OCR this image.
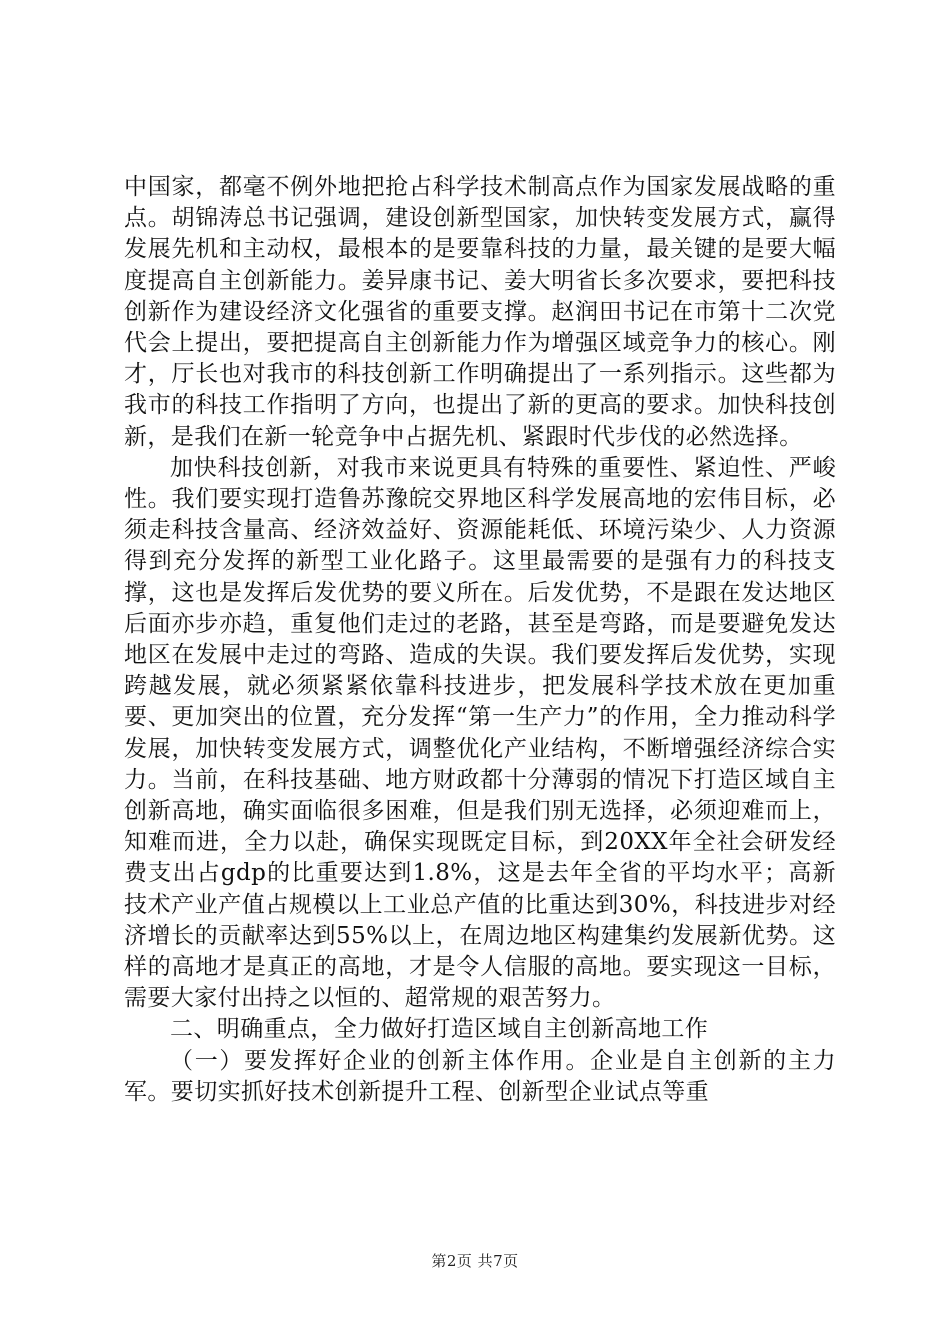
中国家，都毫不例外地把抢占科学技术制高点作为国家发展战略的重点。胡锦涛总书记强调，建设创新型国家，加快转变发展方式，赢得发展先机和主动权，最根本的是要靠科技的力量，最关键的是要大幅度提高自主创新能力。姜异康书记、姜大明省长多次要求，要把科技创新作为建设经济文化强省的重要支撑。赵润田书记在市第十二次党代会上提出，要把提高自主创新能力作为增强区域竞争力的核心。刚才，厅长也对我市的科技创新工作明确提出了一系列指示。这些都为我市的科技工作指明了方向，也提出了新的更高的要求。加快科技创新，是我们在新一轮竞争中占据先机、紧跟时代步伐的必然选择。

加快科技创新，对我市来说更具有特殊的重要性、紧迫性、严峻性。我们要实现打造鲁苏豫皖交界地区科学发展高地的宏伟目标，必须走科技含量高、经济效益好、资源能耗低、环境污染少、人力资源得到充分发挥的新型工业化路子。这里最需要的是强有力的科技支撑，这也是发挥后发优势的要义所在。后发优势，不是跟在发达地区后面亦步亦趋，重复他们走过的老路，甚至是弯路，而是要避免发达地区在发展中走过的弯路、造成的失误。我们要发挥后发优势，实现跨越发展，就必须紧紧依靠科技进步，把发展科学技术放在更加重要、更加突出的位置，充分发挥“第一生产力”的作用，全力推动科学发展，加快转变发展方式，调整优化产业结构，不断增强经济综合实力。当前，在科技基础、地方财政都十分薄弱的情况下打造区域自主创新高地，确实面临很多困难，但是我们别无选择，必须迎难而上，知难而进，全力以赴，确保实现既定目标，到20XX年全社会研发经费支出占gdp的比重要达到1.8%，这是去年全省的平均水平；高新技术产业产值占规模以上工业总产值的比重达到30%，科技进步对经济增长的贡献率达到55%以上，在周边地区构建集约发展新优势。这样的高地才是真正的高地，才是令人信服的高地。要实现这一目标，需要大家付出持之以恒的、超常规的艰苦努力。

二、明确重点，全力做好打造区域自主创新高地工作

（一）要发挥好企业的创新主体作用。企业是自主创新的主力军。要切实抓好技术创新提升工程、创新型企业试点等重

第2页 共7页
